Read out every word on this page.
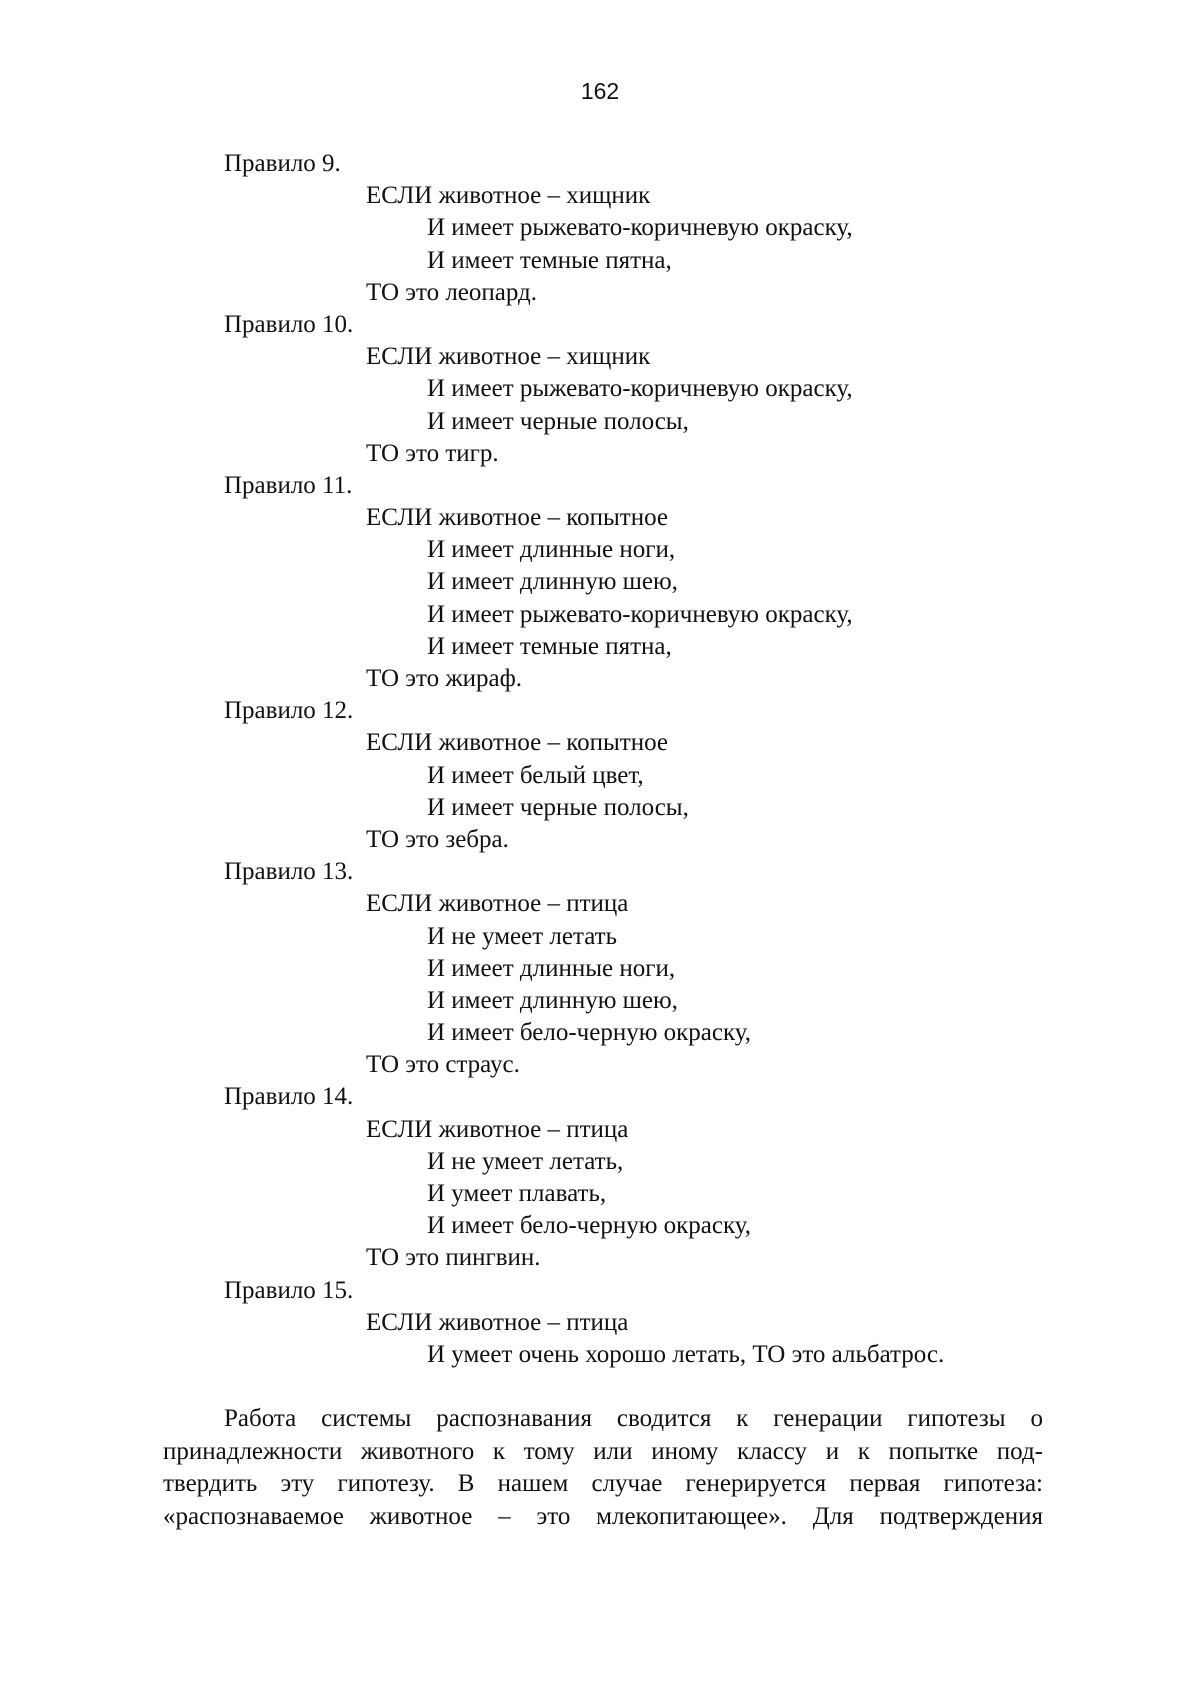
162
Правило 9.
ЕСЛИ животное – хищник
И имеет рыжевато-коричневую окраску,
И имеет темные пятна,
ТО это леопард.
Правило 10.
ЕСЛИ животное – хищник
И имеет рыжевато-коричневую окраску,
И имеет черные полосы,
ТО это тигр.
Правило 11.
ЕСЛИ животное – копытное
И имеет длинные ноги,
И имеет длинную шею,
И имеет рыжевато-коричневую окраску,
И имеет темные пятна,
ТО это жираф.
Правило 12.
ЕСЛИ животное – копытное
И имеет белый цвет,
И имеет черные полосы,
ТО это зебра.
Правило 13.
ЕСЛИ животное – птица
И не умеет летать
И имеет длинные ноги,
И имеет длинную шею,
И имеет бело-черную окраску,
ТО это страус.
Правило 14.
ЕСЛИ животное – птица
И не умеет летать,
И умеет плавать,
И имеет бело-черную окраску,
ТО это пингвин.
Правило 15.
ЕСЛИ животное – птица
И умеет очень хорошо летать, ТО это альбатрос.
Работа системы распознавания сводится к генерации гипотезы о
принадлежности животного к тому или иному классу и к попытке под-
твердить эту гипотезу. В нашем случае генерируется первая гипотеза:
«распознаваемое животное – это млекопитающее». Для подтверждения
